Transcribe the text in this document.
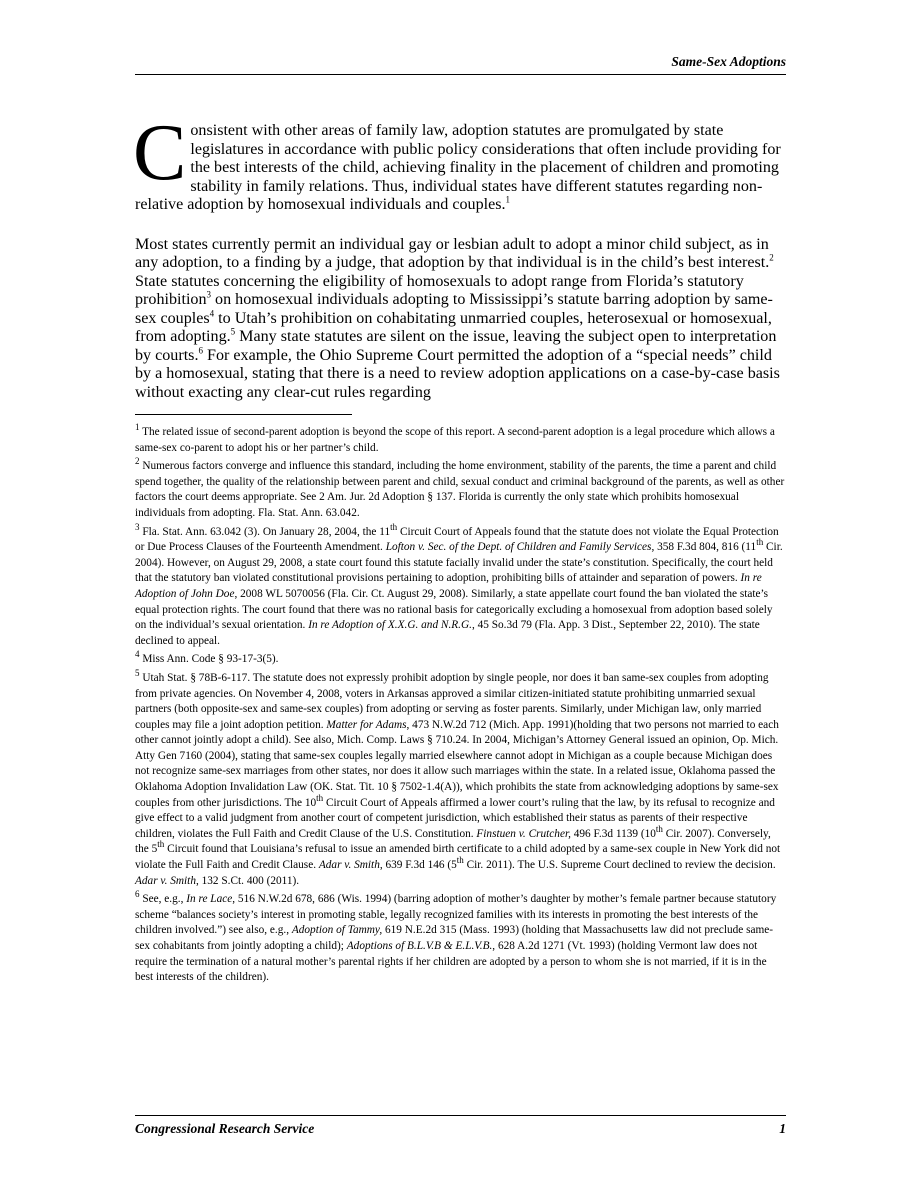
Same-Sex Adoptions

Consistent with other areas of family law, adoption statutes are promulgated by state legislatures in accordance with public policy considerations that often include providing for the best interests of the child, achieving finality in the placement of children and promoting stability in family relations. Thus, individual states have different statutes regarding non-relative adoption by homosexual individuals and couples.$^1$

Most states currently permit an individual gay or lesbian adult to adopt a minor child subject, as in any adoption, to a finding by a judge, that adoption by that individual is in the child’s best interest.$^2$ State statutes concerning the eligibility of homosexuals to adopt range from Florida’s statutory prohibition$^3$ on homosexual individuals adopting to Mississippi’s statute barring adoption by same-sex couples$^4$ to Utah’s prohibition on cohabitating unmarried couples, heterosexual or homosexual, from adopting.$^5$ Many state statutes are silent on the issue, leaving the subject open to interpretation by courts.$^6$ For example, the Ohio Supreme Court permitted the adoption of a “special needs” child by a homosexual, stating that there is a need to review adoption applications on a case-by-case basis without exacting any clear-cut rules regarding

$^1$ The related issue of second-parent adoption is beyond the scope of this report. A second-parent adoption is a legal procedure which allows a same-sex co-parent to adopt his or her partner’s child.
$^2$ Numerous factors converge and influence this standard, including the home environment, stability of the parents, the time a parent and child spend together, the quality of the relationship between parent and child, sexual conduct and criminal background of the parents, as well as other factors the court deems appropriate. See 2 Am. Jur. 2d Adoption § 137. Florida is currently the only state which prohibits homosexual individuals from adopting. Fla. Stat. Ann. 63.042.
$^3$ Fla. Stat. Ann. 63.042 (3). On January 28, 2004, the 11th Circuit Court of Appeals found that the statute does not violate the Equal Protection or Due Process Clauses of the Fourteenth Amendment. Lofton v. Sec. of the Dept. of Children and Family Services, 358 F.3d 804, 816 (11th Cir. 2004). However, on August 29, 2008, a state court found this statute facially invalid under the state’s constitution. Specifically, the court held that the statutory ban violated constitutional provisions pertaining to adoption, prohibiting bills of attainder and separation of powers. In re Adoption of John Doe, 2008 WL 5070056 (Fla. Cir. Ct. August 29, 2008). Similarly, a state appellate court found the ban violated the state’s equal protection rights. The court found that there was no rational basis for categorically excluding a homosexual from adoption based solely on the individual’s sexual orientation. In re Adoption of X.X.G. and N.R.G., 45 So.3d 79 (Fla. App. 3 Dist., September 22, 2010). The state declined to appeal.
$^4$ Miss Ann. Code § 93-17-3(5).
$^5$ Utah Stat. § 78B-6-117. The statute does not expressly prohibit adoption by single people, nor does it ban same-sex couples from adopting from private agencies. On November 4, 2008, voters in Arkansas approved a similar citizen-initiated statute prohibiting unmarried sexual partners (both opposite-sex and same-sex couples) from adopting or serving as foster parents. Similarly, under Michigan law, only married couples may file a joint adoption petition. Matter for Adams, 473 N.W.2d 712 (Mich. App. 1991)(holding that two persons not married to each other cannot jointly adopt a child). See also, Mich. Comp. Laws § 710.24. In 2004, Michigan’s Attorney General issued an opinion, Op. Mich. Atty Gen 7160 (2004), stating that same-sex couples legally married elsewhere cannot adopt in Michigan as a couple because Michigan does not recognize same-sex marriages from other states, nor does it allow such marriages within the state. In a related issue, Oklahoma passed the Oklahoma Adoption Invalidation Law (OK. Stat. Tit. 10 § 7502-1.4(A)), which prohibits the state from acknowledging adoptions by same-sex couples from other jurisdictions. The 10th Circuit Court of Appeals affirmed a lower court’s ruling that the law, by its refusal to recognize and give effect to a valid judgment from another court of competent jurisdiction, which established their status as parents of their respective children, violates the Full Faith and Credit Clause of the U.S. Constitution. Finstuen v. Crutcher, 496 F.3d 1139 (10th Cir. 2007). Conversely, the 5th Circuit found that Louisiana’s refusal to issue an amended birth certificate to a child adopted by a same-sex couple in New York did not violate the Full Faith and Credit Clause. Adar v. Smith, 639 F.3d 146 (5th Cir. 2011). The U.S. Supreme Court declined to review the decision. Adar v. Smith, 132 S.Ct. 400 (2011).
$^6$ See, e.g., In re Lace, 516 N.W.2d 678, 686 (Wis. 1994) (barring adoption of mother’s daughter by mother’s female partner because statutory scheme “balances society’s interest in promoting stable, legally recognized families with its interests in promoting the best interests of the children involved.”) see also, e.g., Adoption of Tammy, 619 N.E.2d 315 (Mass. 1993) (holding that Massachusetts law did not preclude same-sex cohabitants from jointly adopting a child); Adoptions of B.L.V.B & E.L.V.B., 628 A.2d 1271 (Vt. 1993) (holding Vermont law does not require the termination of a natural mother’s parental rights if her children are adopted by a person to whom she is not married, if it is in the best interests of the children).
Congressional Research Service	1
